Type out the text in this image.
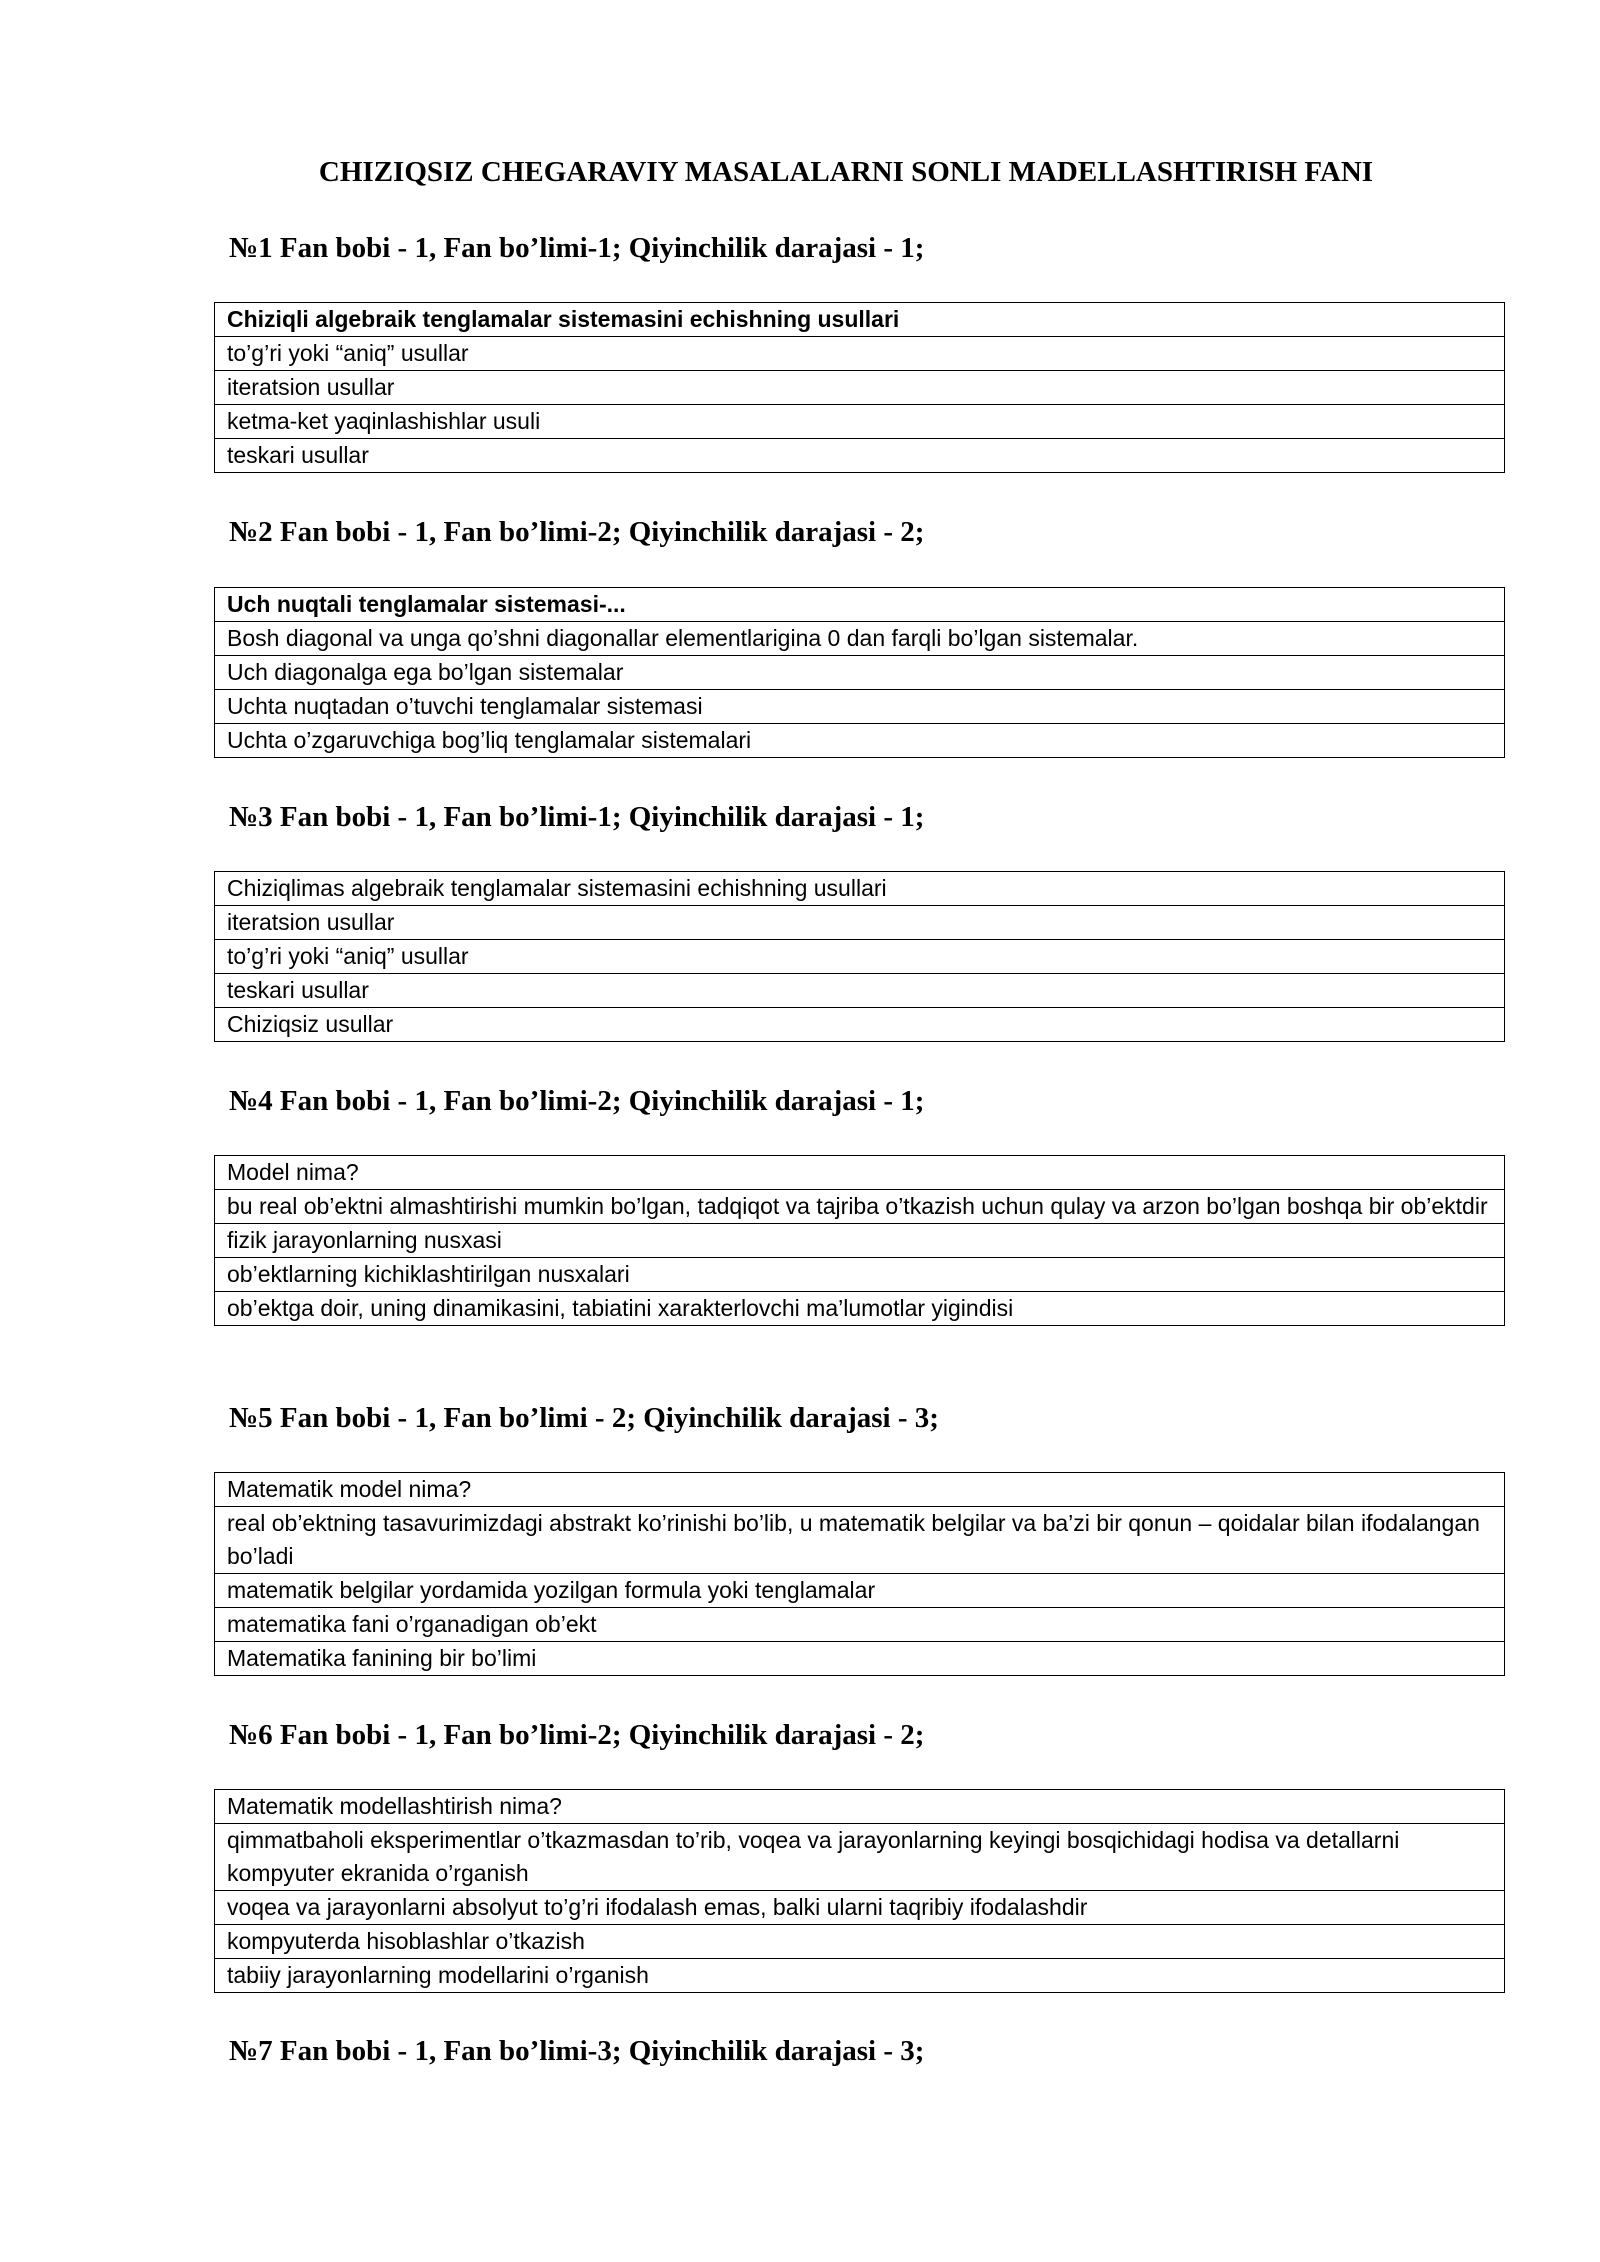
CHIZIQSIZ CHEGARAVIY MASALALARNI SONLI MADELLASHTIRISH FANI
№1 Fan bobi - 1, Fan bo’limi-1; Qiyinchilik darajasi - 1;
Chiziqli algebraik tenglamalar sistemasini echishning usullari
to’g’ri yoki “aniq” usullar
iteratsion usullar
ketma-ket yaqinlashishlar usuli
teskari usullar
№2 Fan bobi - 1, Fan bo’limi-2; Qiyinchilik darajasi - 2;
Uch nuqtali tenglamalar sistemasi-...
Bosh diagonal va unga qo’shni diagonallar elementlarigina 0 dan farqli bo’lgan sistemalar.
Uch diagonalga ega bo’lgan sistemalar
Uchta nuqtadan o’tuvchi tenglamalar sistemasi
Uchta o’zgaruvchiga bog’liq tenglamalar sistemalari
№3 Fan bobi - 1, Fan bo’limi-1; Qiyinchilik darajasi - 1;
Chiziqlimas algebraik tenglamalar sistemasini echishning usullari
iteratsion usullar
to’g’ri yoki “aniq” usullar
teskari usullar
Chiziqsiz usullar
№4 Fan bobi - 1, Fan bo’limi-2; Qiyinchilik darajasi - 1;
Model nima?
bu real ob’ektni almashtirishi mumkin bo’lgan, tadqiqot va tajriba o’tkazish uchun qulay va arzon bo’lgan boshqa bir ob’ektdir
fizik jarayonlarning nusxasi
ob’ektlarning kichiklashtirilgan nusxalari
ob’ektga doir, uning dinamikasini, tabiatini xarakterlovchi ma’lumotlar yigindisi
№5 Fan bobi - 1, Fan bo’limi - 2; Qiyinchilik darajasi - 3;
Matematik model nima?
real ob’ektning tasavurimizdagi abstrakt ko’rinishi bo’lib, u matematik belgilar va ba’zi bir qonun – qoidalar bilan ifodalangan bo’ladi
matematik belgilar yordamida yozilgan formula yoki tenglamalar
matematika fani o’rganadigan ob’ekt
Matematika fanining bir bo’limi
№6 Fan bobi - 1, Fan bo’limi-2; Qiyinchilik darajasi - 2;
Matematik modellashtirish nima?
qimmatbaholi eksperimentlar o’tkazmasdan to’rib, voqea va jarayonlarning keyingi bosqichidagi hodisa va detallarni kompyuter ekranida o’rganish
voqea va jarayonlarni absolyut to’g’ri ifodalash emas, balki ularni taqribiy ifodalashdir
kompyuterda hisoblashlar o’tkazish
tabiiy jarayonlarning modellarini o’rganish
№7 Fan bobi - 1, Fan bo’limi-3; Qiyinchilik darajasi - 3;
